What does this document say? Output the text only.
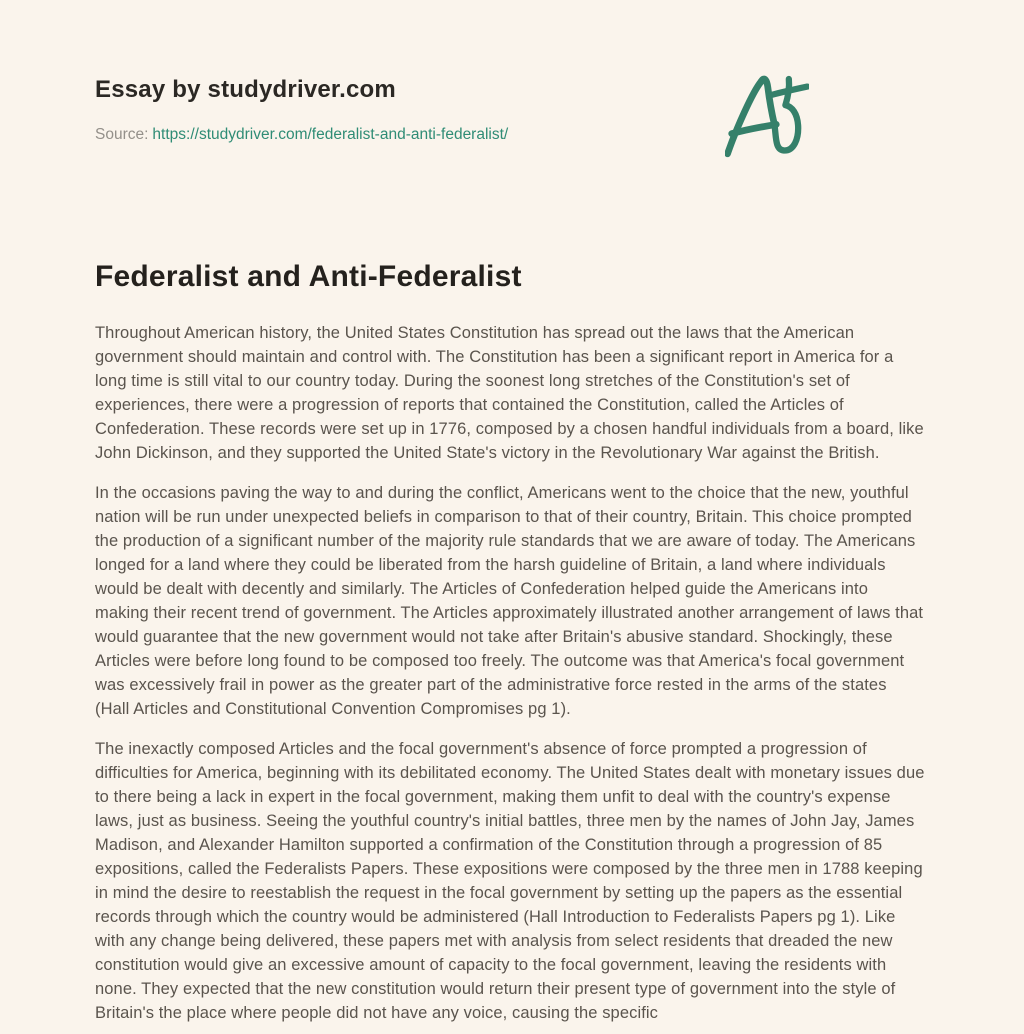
Essay by studydriver.com
Source: https://studydriver.com/federalist-and-anti-federalist/
Federalist and Anti-Federalist

Throughout American history, the United States Constitution has spread out the laws that the American government should maintain and control with. The Constitution has been a significant report in America for a long time is still vital to our country today. During the soonest long stretches of the Constitution's set of experiences, there were a progression of reports that contained the Constitution, called the Articles of Confederation. These records were set up in 1776, composed by a chosen handful individuals from a board, like John Dickinson, and they supported the United State's victory in the Revolutionary War against the British.

In the occasions paving the way to and during the conflict, Americans went to the choice that the new, youthful nation will be run under unexpected beliefs in comparison to that of their country, Britain. This choice prompted the production of a significant number of the majority rule standards that we are aware of today. The Americans longed for a land where they could be liberated from the harsh guideline of Britain, a land where individuals would be dealt with decently and similarly. The Articles of Confederation helped guide the Americans into making their recent trend of government. The Articles approximately illustrated another arrangement of laws that would guarantee that the new government would not take after Britain's abusive standard. Shockingly, these Articles were before long found to be composed too freely. The outcome was that America's focal government was excessively frail in power as the greater part of the administrative force rested in the arms of the states (Hall Articles and Constitutional Convention Compromises pg 1).

The inexactly composed Articles and the focal government's absence of force prompted a progression of difficulties for America, beginning with its debilitated economy. The United States dealt with monetary issues due to there being a lack in expert in the focal government, making them unfit to deal with the country's expense laws, just as business. Seeing the youthful country's initial battles, three men by the names of John Jay, James Madison, and Alexander Hamilton supported a confirmation of the Constitution through a progression of 85 expositions, called the Federalists Papers. These expositions were composed by the three men in 1788 keeping in mind the desire to reestablish the request in the focal government by setting up the papers as the essential records through which the country would be administered (Hall Introduction to Federalists Papers pg 1). Like with any change being delivered, these papers met with analysis from select residents that dreaded the new constitution would give an excessive amount of capacity to the focal government, leaving the residents with none. They expected that the new constitution would return their present type of government into the style of Britain's the place where people did not have any voice, causing the specific
